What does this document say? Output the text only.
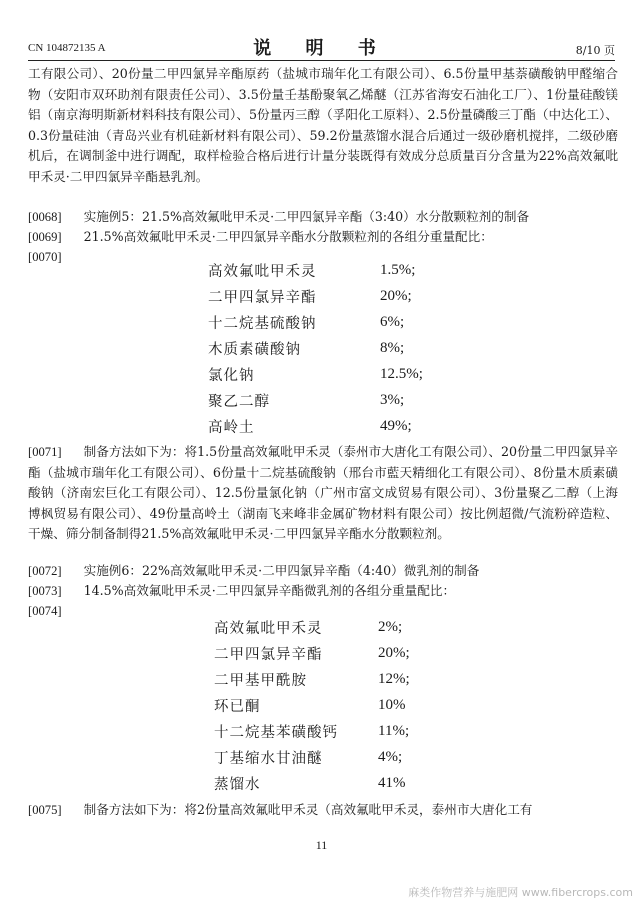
CN 104872135 A	说 明 书	8/10 页
工有限公司）、20份量二甲四氯异辛酯原药（盐城市瑞年化工有限公司）、6.5份量甲基萘磺酸钠甲醛缩合物（安阳市双环助剂有限责任公司）、3.5份量壬基酚聚氧乙烯醚（江苏省海安石油化工厂）、1份量硅酸镁铝（南京海明斯新材料科技有限公司）、5份量丙三醇（孚阳化工原料）、2.5份量磷酸三丁酯（中达化工）、0.3份量硅油（青岛兴业有机硅新材料有限公司）、59.2份量蒸馏水混合后通过一级砂磨机搅拌，二级砂磨机后，在调制釜中进行调配，取样检验合格后进行计量分装既得有效成分总质量百分含量为22%高效氟吡甲禾灵·二甲四氯异辛酯悬乳剂。
[0068] 实施例5：21.5%高效氟吡甲禾灵·二甲四氯异辛酯（3:40）水分散颗粒剂的制备
[0069] 21.5%高效氟吡甲禾灵·二甲四氯异辛酯水分散颗粒剂的各组分重量配比：
[0070]
高效氟吡甲禾灵	1.5%;
二甲四氯异辛酯	20%;
十二烷基硫酸钠	6%;
木质素磺酸钠	8%;
氯化钠	12.5%;
聚乙二醇	3%;
高岭土	49%;
[0071] 制备方法如下为：将1.5份量高效氟吡甲禾灵（泰州市大唐化工有限公司）、20份量二甲四氯异辛酯（盐城市瑞年化工有限公司）、6份量十二烷基硫酸钠（邢台市藍天精细化工有限公司）、8份量木质素磺酸钠（济南宏巨化工有限公司）、12.5份量氯化钠（广州市富文成贸易有限公司）、3份量聚乙二醇（上海博枫贸易有限公司）、49份量高岭土（湖南飞来峰非金属矿物材料有限公司）按比例超微/气流粉碎造粒、干燥、筛分制备制得21.5%高效氟吡甲禾灵·二甲四氯异辛酯水分散颗粒剂。
[0072] 实施例6：22%高效氟吡甲禾灵·二甲四氯异辛酯（4:40）微乳剂的制备
[0073] 14.5%高效氟吡甲禾灵·二甲四氯异辛酯微乳剂的各组分重量配比：
[0074]
高效氟吡甲禾灵	2%;
二甲四氯异辛酯	20%;
二甲基甲酰胺	12%;
环已酮	10%
十二烷基苯磺酸钙	11%;
丁基缩水甘油醚	4%;
蒸馏水	41%
[0075] 制备方法如下为：将2份量高效氟吡甲禾灵（高效氟吡甲禾灵，泰州市大唐化工有
11
麻类作物营养与施肥网 www.fibercrops.com
